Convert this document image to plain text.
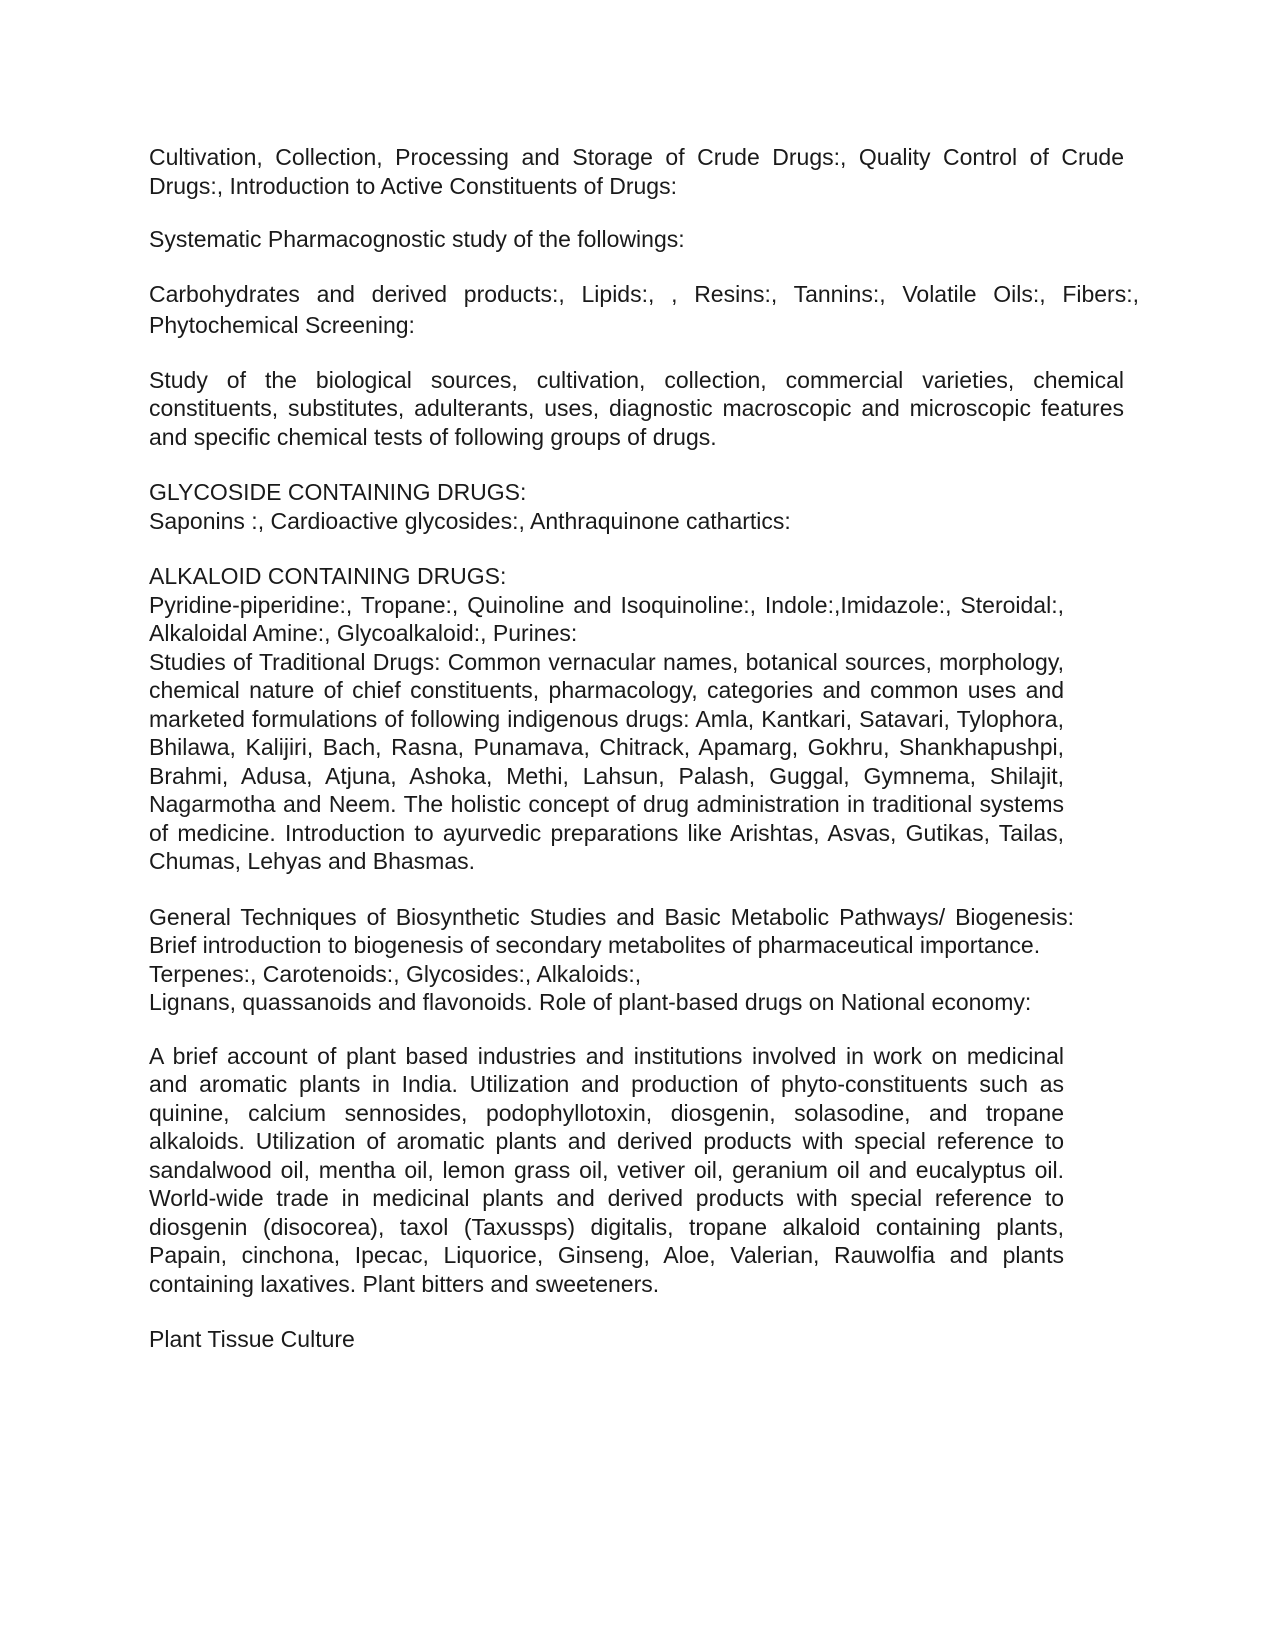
Cultivation, Collection, Processing and Storage of Crude Drugs:, Quality Control of Crude Drugs:, Introduction to Active Constituents of Drugs:

Systematic Pharmacognostic study of the followings:

Carbohydrates and derived products:, Lipids:, , Resins:, Tannins:, Volatile Oils:, Fibers:, Phytochemical Screening:

Study of the biological sources, cultivation, collection, commercial varieties, chemical constituents, substitutes, adulterants, uses, diagnostic macroscopic and microscopic features and specific chemical tests of following groups of drugs.

GLYCOSIDE CONTAINING DRUGS:

Saponins :, Cardioactive glycosides:, Anthraquinone cathartics:

ALKALOID CONTAINING DRUGS:

Pyridine-piperidine:, Tropane:, Quinoline and Isoquinoline:, Indole:,Imidazole:, Steroidal:, Alkaloidal Amine:, Glycoalkaloid:, Purines:

Studies of Traditional Drugs: Common vernacular names, botanical sources, morphology, chemical nature of chief constituents, pharmacology, categories and common uses and marketed formulations of following indigenous drugs: Amla, Kantkari, Satavari, Tylophora, Bhilawa, Kalijiri, Bach, Rasna, Punamava, Chitrack, Apamarg, Gokhru, Shankhapushpi, Brahmi, Adusa, Atjuna, Ashoka, Methi, Lahsun, Palash, Guggal, Gymnema, Shilajit, Nagarmotha and Neem. The holistic concept of drug administration in traditional systems of medicine. Introduction to ayurvedic preparations like Arishtas, Asvas, Gutikas, Tailas, Chumas, Lehyas and Bhasmas.

General Techniques of Biosynthetic Studies and Basic Metabolic Pathways/ Biogenesis: Brief introduction to biogenesis of secondary metabolites of pharmaceutical importance.

Terpenes:, Carotenoids:, Glycosides:, Alkaloids:,

Lignans, quassanoids and flavonoids. Role of plant-based drugs on National economy:

A brief account of plant based industries and institutions involved in work on medicinal and aromatic plants in India. Utilization and production of phyto-constituents such as quinine, calcium sennosides, podophyllotoxin, diosgenin, solasodine, and tropane alkaloids. Utilization of aromatic plants and derived products with special reference to sandalwood oil, mentha oil, lemon grass oil, vetiver oil, geranium oil and eucalyptus oil. World-wide trade in medicinal plants and derived products with special reference to diosgenin (disocorea), taxol (Taxussps) digitalis, tropane alkaloid containing plants, Papain, cinchona, Ipecac, Liquorice, Ginseng, Aloe, Valerian, Rauwolfia and plants containing laxatives. Plant bitters and sweeteners.

Plant Tissue Culture
